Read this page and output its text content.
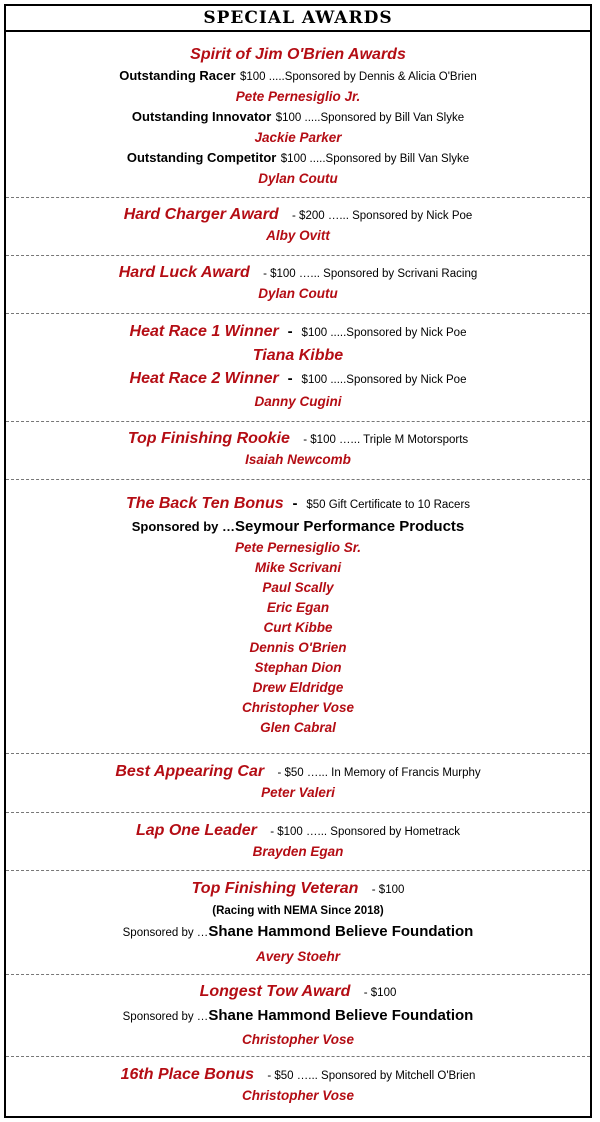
SPECIAL AWARDS
Spirit of Jim O'Brien Awards
Outstanding Racer $100 .....Sponsored by Dennis & Alicia O'Brien
Pete Pernesiglio Jr.
Outstanding Innovator $100 .....Sponsored by Bill Van Slyke
Jackie Parker
Outstanding Competitor $100 .....Sponsored by Bill Van Slyke
Dylan Coutu
Hard Charger Award - $200 …... Sponsored by Nick Poe
Alby Ovitt
Hard Luck Award - $100 …... Sponsored by Scrivani Racing
Dylan Coutu
Heat Race 1 Winner - $100 .....Sponsored by Nick Poe
Tiana Kibbe
Heat Race 2 Winner - $100 .....Sponsored by Nick Poe
Danny Cugini
Top Finishing Rookie - $100 …... Triple M Motorsports
Isaiah Newcomb
The Back Ten Bonus - $50 Gift Certificate to 10 Racers
Sponsored by …Seymour Performance Products
Pete Pernesiglio Sr.
Mike Scrivani
Paul Scally
Eric Egan
Curt Kibbe
Dennis O'Brien
Stephan Dion
Drew Eldridge
Christopher Vose
Glen Cabral
Best Appearing Car - $50 …... In Memory of Francis Murphy
Peter Valeri
Lap One Leader - $100 …... Sponsored by Hometrack
Brayden Egan
Top Finishing Veteran - $100
(Racing with NEMA Since 2018)
Sponsored by …Shane Hammond Believe Foundation
Avery Stoehr
Longest Tow Award - $100
Sponsored by …Shane Hammond Believe Foundation
Christopher Vose
16th Place Bonus - $50 …... Sponsored by Mitchell O'Brien
Christopher Vose
